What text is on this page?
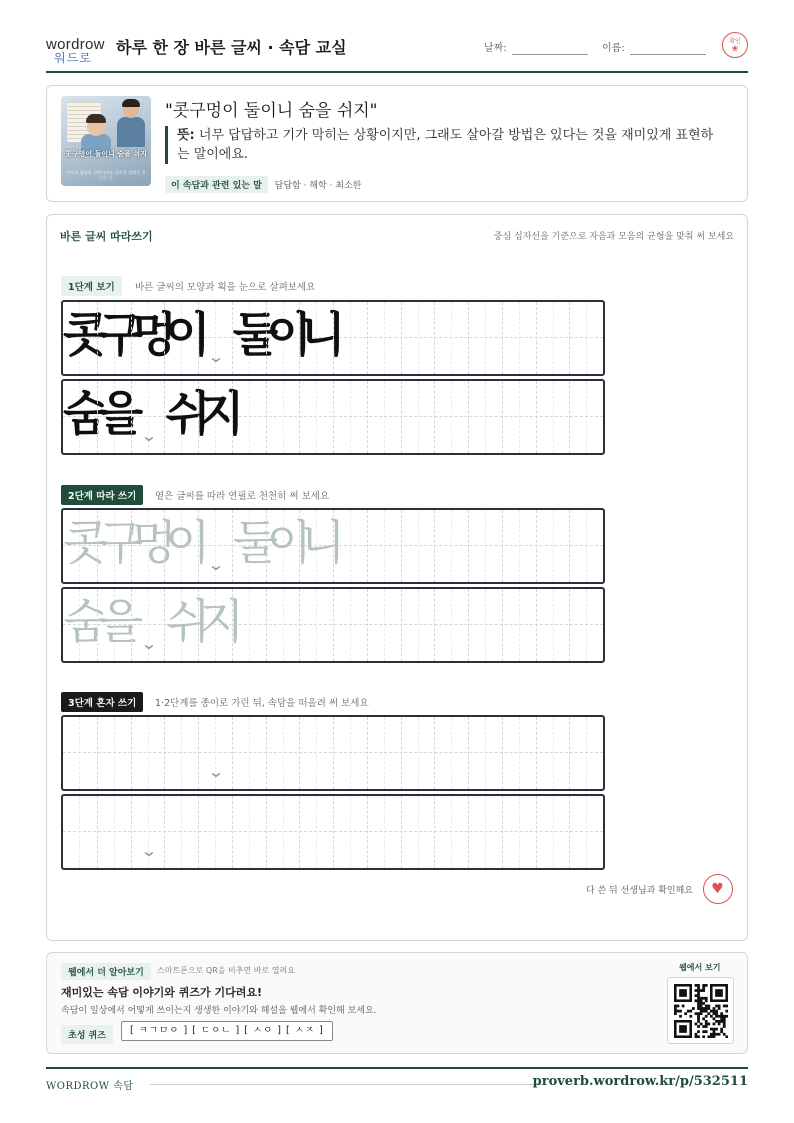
wordrow
워드로
하루 한 장 바른 글씨 · 속담 교실	날짜:	이름:
확인
❀
콧구멍이 둘이니 숨을 쉬지
아무리 답답한 상황이라도 살아갈 방법은 있다는 뜻
"콧구멍이 둘이니 숨을 쉬지"
뜻: 너무 답답하고 기가 막히는 상황이지만, 그래도 살아갈 방법은 있다는 것을 재미있게 표현하는 말이에요.
이 속담과 관련 있는 말 답답함 · 해학 · 최소한
바른 글씨 따라쓰기	중심 십자선을 기준으로 자음과 모음의 균형을 맞춰 써 보세요
1단계 보기	바른 글씨의 모양과 획을 눈으로 살펴보세요
콧
구
멍
이
⌄ 둘
이
니
숨
을
⌄ 쉬
지
2단계 따라 쓰기	옅은 글씨를 따라 연필로 천천히 써 보세요
콧
구
멍
이
⌄ 둘
이
니
숨
을
⌄ 쉬
지
3단계 혼자 쓰기	1·2단계를 종이로 가린 뒤, 속담을 떠올려 써 보세요
⌄
⌄
다 쓴 뒤 선생님과 확인해요	♥
웹에서 더 알아보기	스마트폰으로 QR을 비추면 바로 열려요
재미있는 속담 이야기와 퀴즈가 기다려요!
속담이 일상에서 어떻게 쓰이는지 생생한 이야기와 해설을 웹에서 확인해 보세요.
초성 퀴즈	[ ㅋㄱㅁㅇ ] [ ㄷㅇㄴ ] [ ㅅㅇ ] [ ㅅㅈ ]
웹에서 보기
WORDROW 속담	proverb.wordrow.kr/p/532511
